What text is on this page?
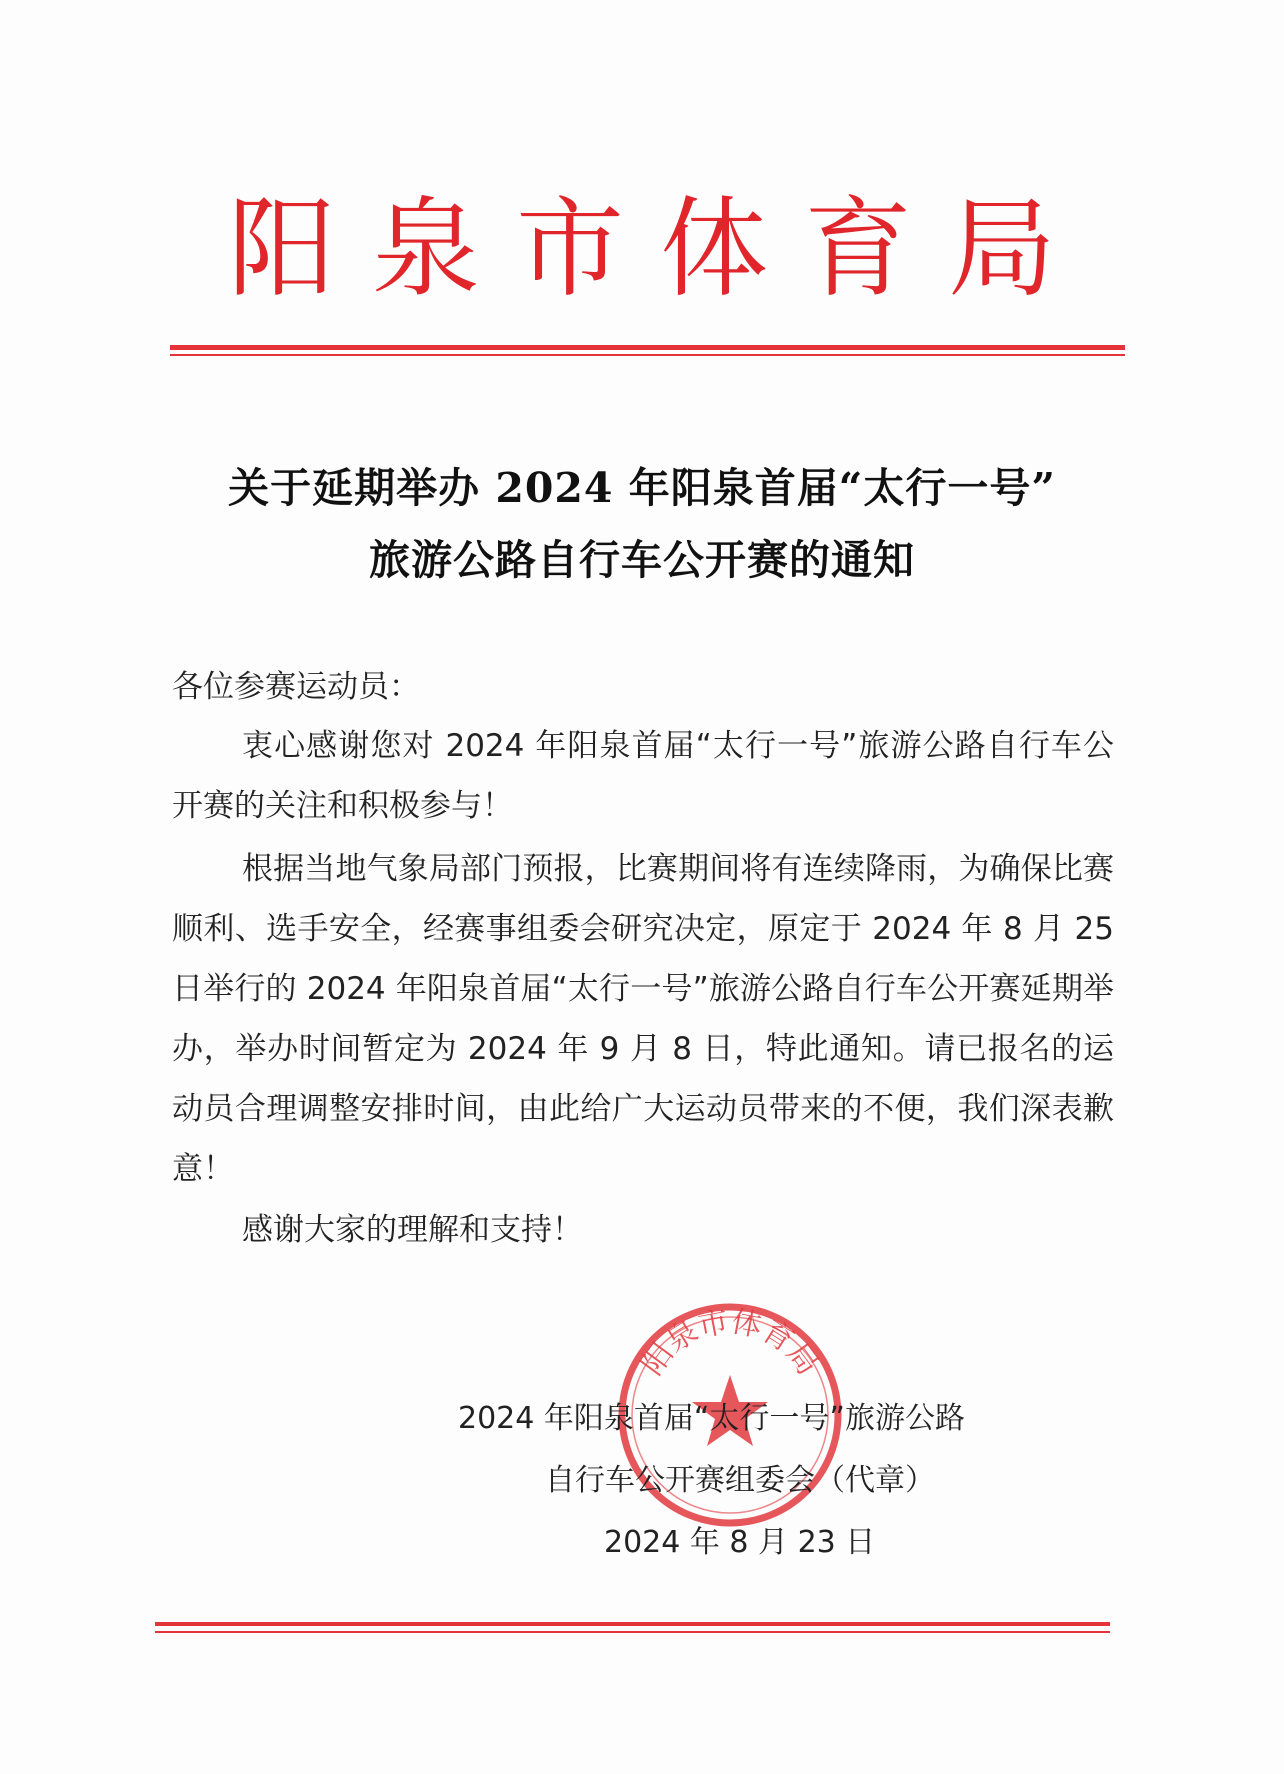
阳 泉 市 体 育 局
关于延期举办 2024 年阳泉首届“太行一号”
旅游公路自行车公开赛的通知
各位参赛运动员：

衷心感谢您对 2024 年阳泉首届“太行一号”旅游公路自行车公开赛的关注和积极参与！

根据当地气象局部门预报，比赛期间将有连续降雨，为确保比赛顺利、选手安全，经赛事组委会研究决定，原定于 2024 年 8 月 25 日举行的 2024 年阳泉首届“太行一号”旅游公路自行车公开赛延期举办，举办时间暂定为 2024 年 9 月 8 日，特此通知。请已报名的运动员合理调整安排时间，由此给广大运动员带来的不便，我们深表歉意！

感谢大家的理解和支持！

阳泉市体育局
2024 年阳泉首届“太行一号”旅游公路
自行车公开赛组委会（代章）
2024 年 8 月 23 日
